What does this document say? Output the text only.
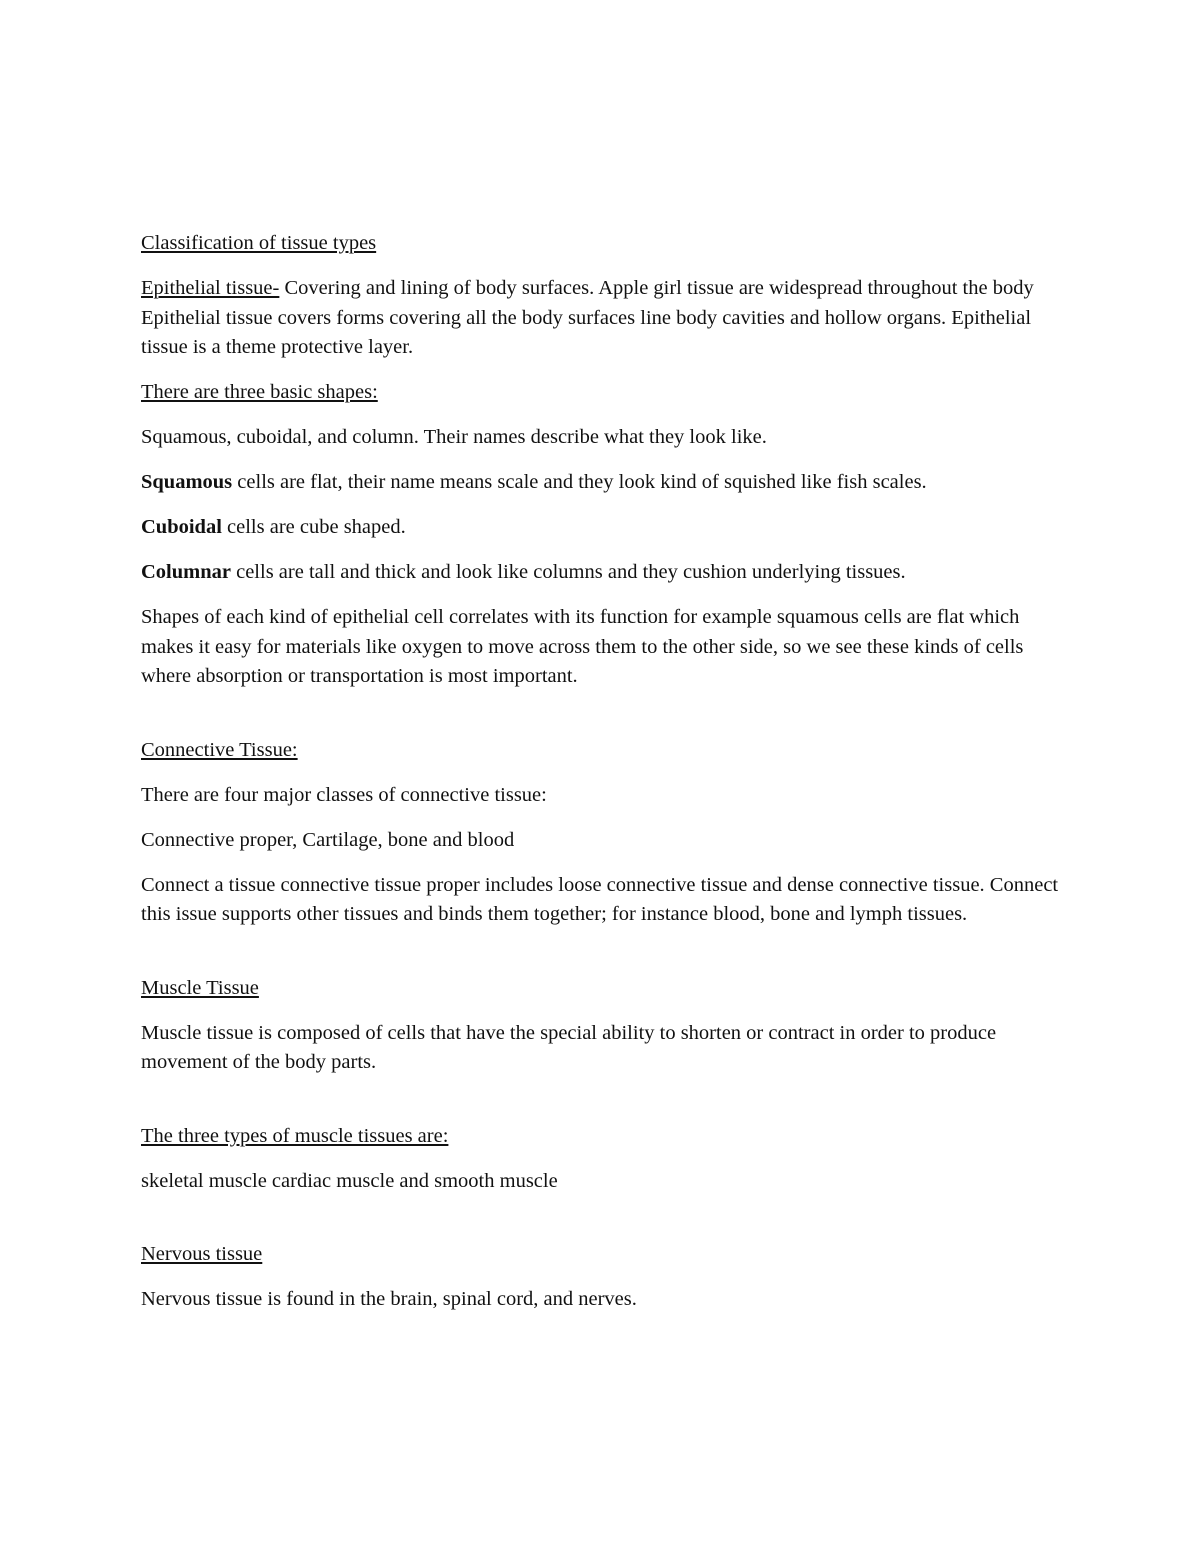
Classification of tissue types

Epithelial tissue- Covering and lining of body surfaces. Apple girl tissue are widespread throughout the body Epithelial tissue covers forms covering all the body surfaces line body cavities and hollow organs. Epithelial tissue is a theme protective layer.

There are three basic shapes:

Squamous, cuboidal, and column. Their names describe what they look like.

Squamous cells are flat, their name means scale and they look kind of squished like fish scales.

Cuboidal cells are cube shaped.

Columnar cells are tall and thick and look like columns and they cushion underlying tissues.

Shapes of each kind of epithelial cell correlates with its function for example squamous cells are flat which makes it easy for materials like oxygen to move across them to the other side, so we see these kinds of cells where absorption or transportation is most important.

Connective Tissue:

There are four major classes of connective tissue:

Connective proper, Cartilage, bone and blood

Connect a tissue connective tissue proper includes loose connective tissue and dense connective tissue. Connect this issue supports other tissues and binds them together; for instance blood, bone and lymph tissues.

Muscle Tissue

Muscle tissue is composed of cells that have the special ability to shorten or contract in order to produce movement of the body parts.

The three types of muscle tissues are:

skeletal muscle cardiac muscle and smooth muscle

Nervous tissue

Nervous tissue is found in the brain, spinal cord, and nerves.
